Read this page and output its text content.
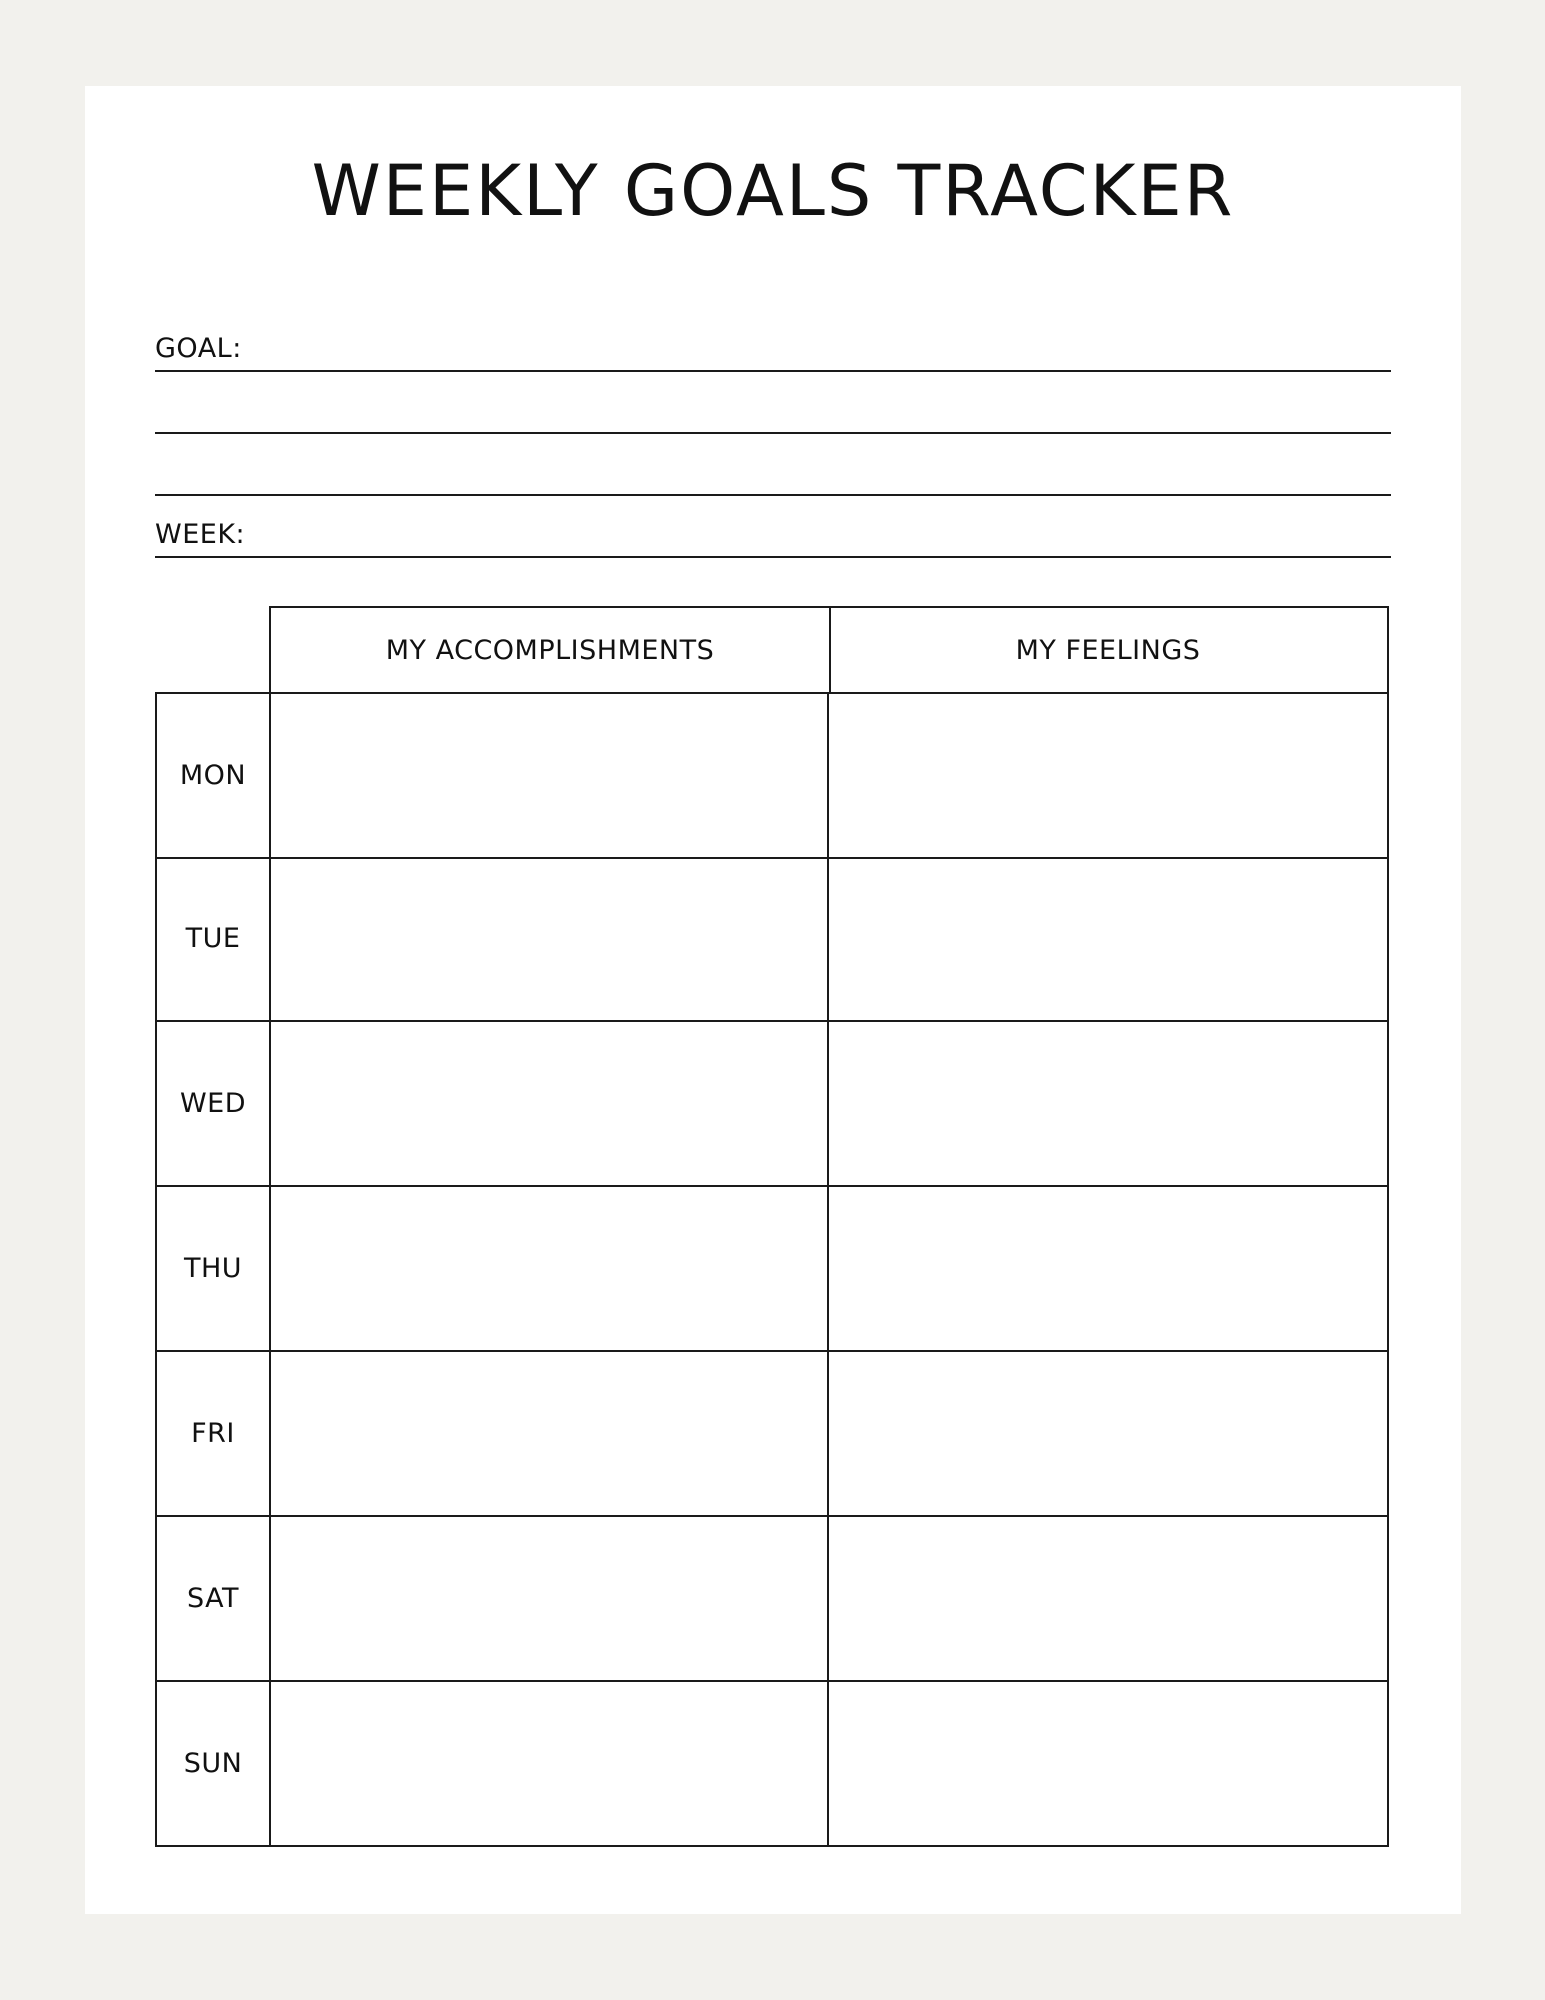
WEEKLY GOALS TRACKER
GOAL:
WEEK:
MY ACCOMPLISHMENTS	MY FEELINGS
MON
TUE
WED
THU
FRI
SAT
SUN
